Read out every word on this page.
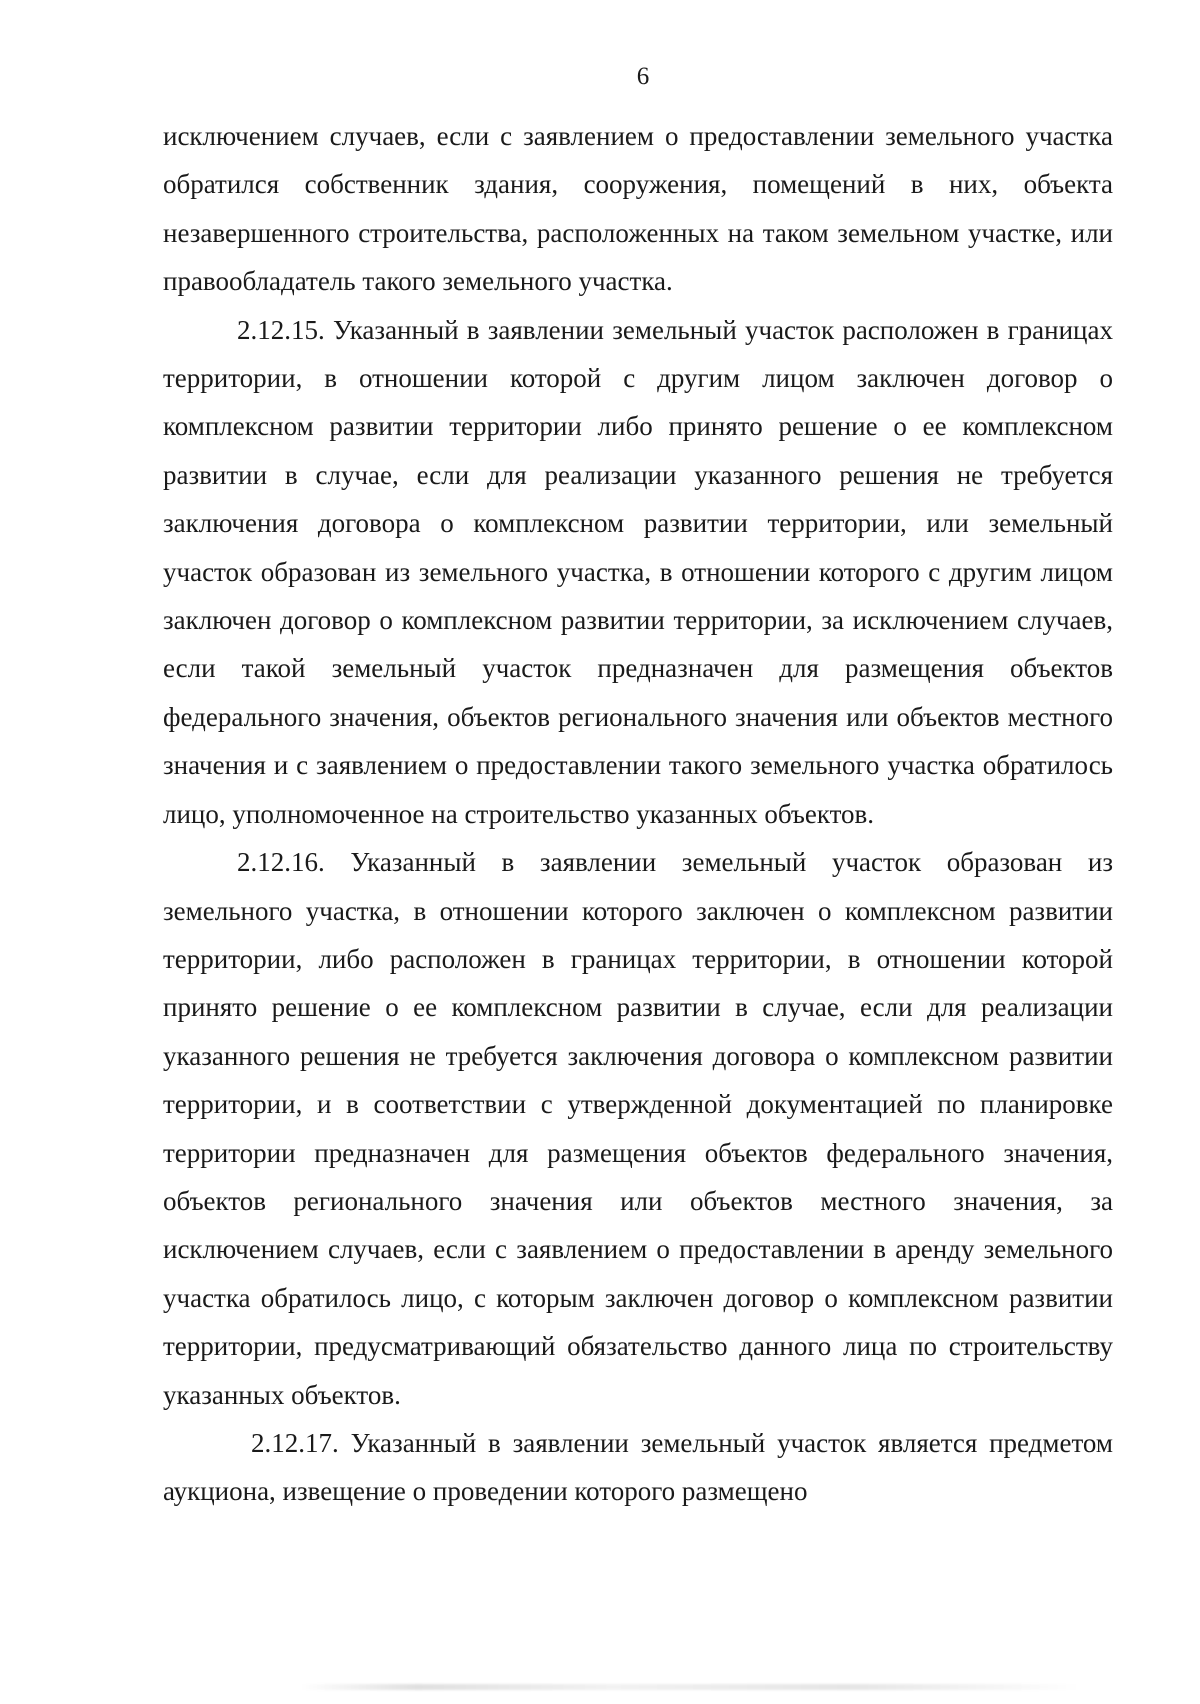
6

исключением случаев, если с заявлением о предоставлении земельного участка обратился собственник здания, сооружения, помещений в них, объекта незавершенного строительства, расположенных на таком земельном участке, или правообладатель такого земельного участка.

2.12.15. Указанный в заявлении земельный участок расположен в границах территории, в отношении которой с другим лицом заключен договор о комплексном развитии территории либо принято решение о ее комплексном развитии в случае, если для реализации указанного решения не требуется заключения договора о комплексном развитии территории, или земельный участок образован из земельного участка, в отношении которого с другим лицом заключен договор о комплексном развитии территории, за исключением случаев, если такой земельный участок предназначен для размещения объектов федерального значения, объектов регионального значения или объектов местного значения и с заявлением о предоставлении такого земельного участка обратилось лицо, уполномоченное на строительство указанных объектов.

2.12.16. Указанный в заявлении земельный участок образован из земельного участка, в отношении которого заключен о комплексном развитии территории, либо расположен в границах территории, в отношении которой принято решение о ее комплексном развитии в случае, если для реализации указанного решения не требуется заключения договора о комплексном развитии территории, и в соответствии с утвержденной документацией по планировке территории предназначен для размещения объектов федерального значения, объектов регионального значения или объектов местного значения, за исключением случаев, если с заявлением о предоставлении в аренду земельного участка обратилось лицо, с которым заключен договор о комплексном развитии территории, предусматривающий обязательство данного лица по строительству указанных объектов.

2.12.17. Указанный в заявлении земельный участок является предметом аукциона, извещение о проведении которого размещено
